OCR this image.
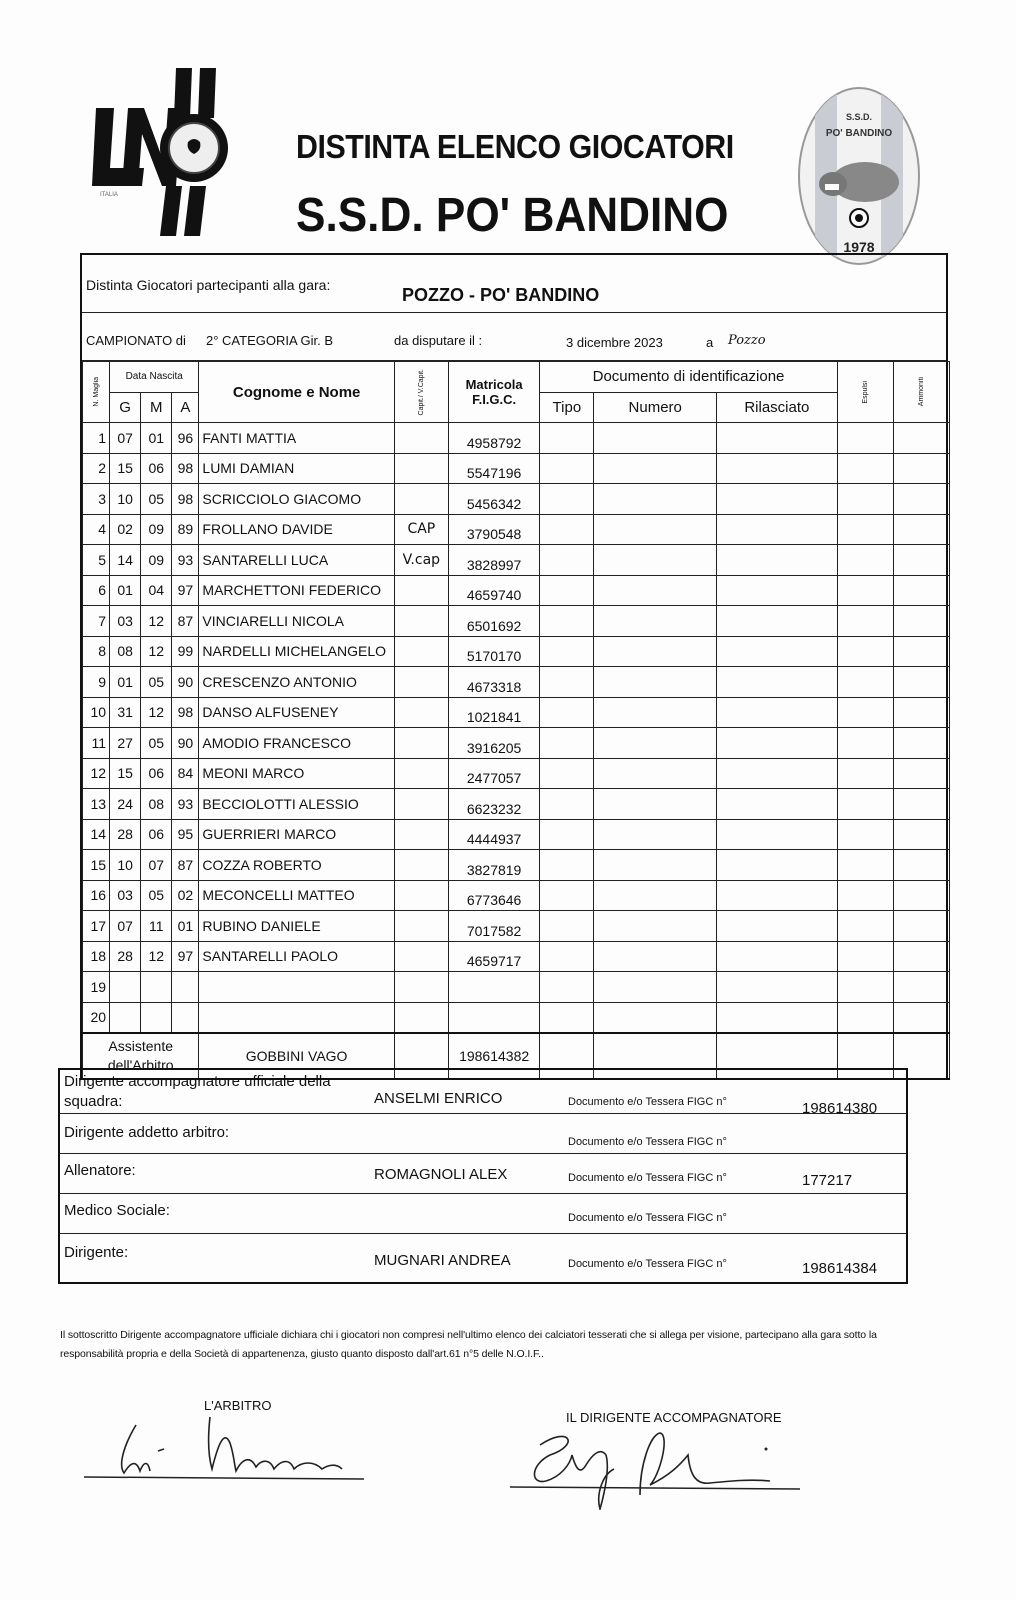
ITALIA
DISTINTA ELENCO GIOCATORI
S.S.D. PO' BANDINO
S.S.D.
PO' BANDINO
1978
Distinta Giocatori partecipanti alla gara:	POZZO - PO' BANDINO
CAMPIONATO di 2° CATEGORIA Gir. B	da disputare il :	3 dicembre 2023	a Pozzo
N. Maglia	Data Nascita			Cognome e Nome	Capit./ V.Capit.	Matricola
F.I.G.C.	Documento di identificazione			Espulsi	Ammoniti

	G	M	A				Tipo	Numero	Rilasciato		
1	07	01	96	FANTI MATTIA		4958792					
2	15	06	98	LUMI DAMIAN		5547196					
3	10	05	98	SCRICCIOLO GIACOMO		5456342					
4	02	09	89	FROLLANO DAVIDE	CAP	3790548					
5	14	09	93	SANTARELLI LUCA	V.cap	3828997					
6	01	04	97	MARCHETTONI FEDERICO		4659740					
7	03	12	87	VINCIARELLI NICOLA		6501692					
8	08	12	99	NARDELLI MICHELANGELO		5170170					
9	01	05	90	CRESCENZO ANTONIO		4673318					
10	31	12	98	DANSO ALFUSENEY		1021841					
11	27	05	90	AMODIO FRANCESCO		3916205					
12	15	06	84	MEONI MARCO		2477057					
13	24	08	93	BECCIOLOTTI ALESSIO		6623232					
14	28	06	95	GUERRIERI MARCO		4444937					
15	10	07	87	COZZA ROBERTO		3827819					
16	03	05	02	MECONCELLI MATTEO		6773646					
17	07	11	01	RUBINO DANIELE		7017582					
18	28	12	97	SANTARELLI PAOLO		4659717					
19											
20											

Assistente
dell'Arbitro				GOBBINI VAGO		198614382					
Dirigente accompagnatore ufficiale della
squadra:	ANSELMI ENRICO	Documento e/o Tessera FIGC n°	198614380
Dirigente addetto arbitro:
Documento e/o Tessera FIGC n°
Allenatore:	ROMAGNOLI ALEX	Documento e/o Tessera FIGC n°	177217
Medico Sociale:	Documento e/o Tessera FIGC n°
Dirigente:	MUGNARI ANDREA	Documento e/o Tessera FIGC n°	198614384
Il sottoscritto Dirigente accompagnatore ufficiale dichiara chi i giocatori non compresi nell'ultimo elenco dei calciatori tesserati che si allega per visione, partecipano alla gara sotto la responsabilità propria e della Società di appartenenza, giusto quanto disposto dall'art.61 n°5 delle N.O.I.F..
L'ARBITRO
IL DIRIGENTE ACCOMPAGNATORE
